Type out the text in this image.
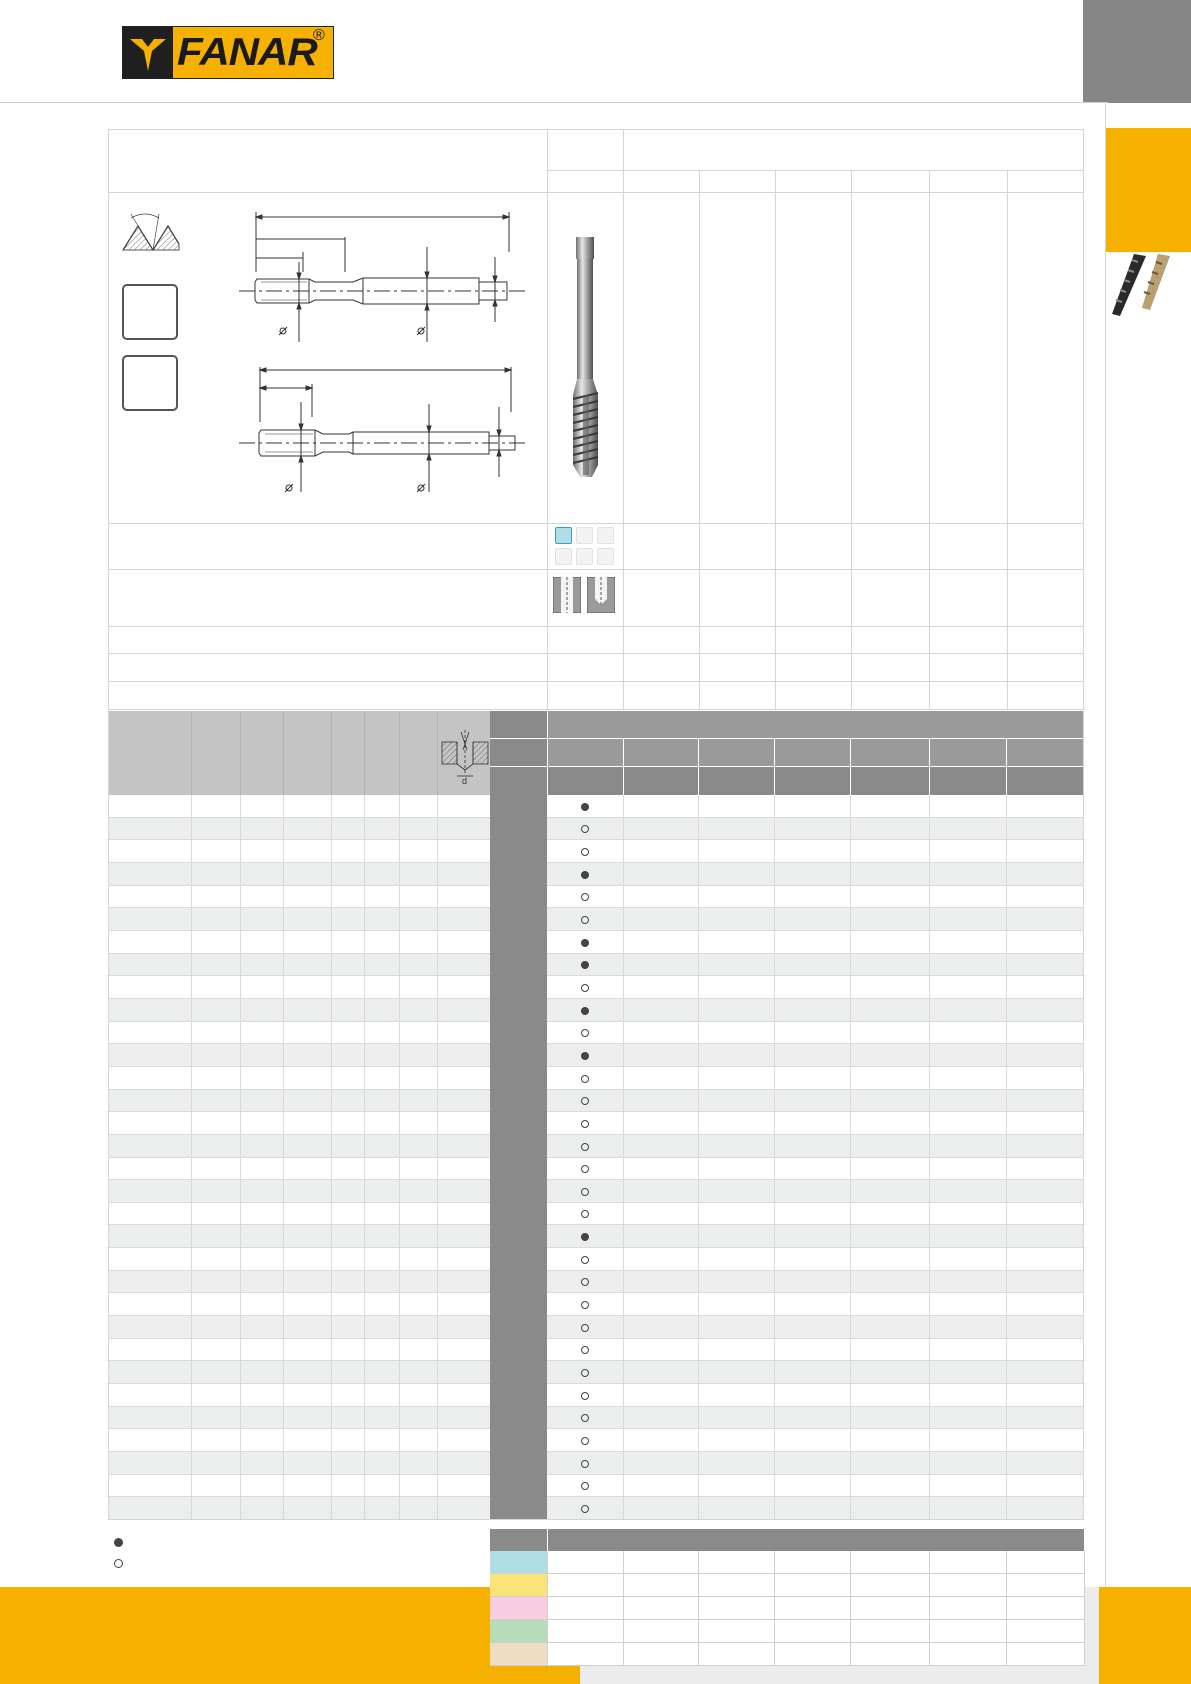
FANAR
®
d
